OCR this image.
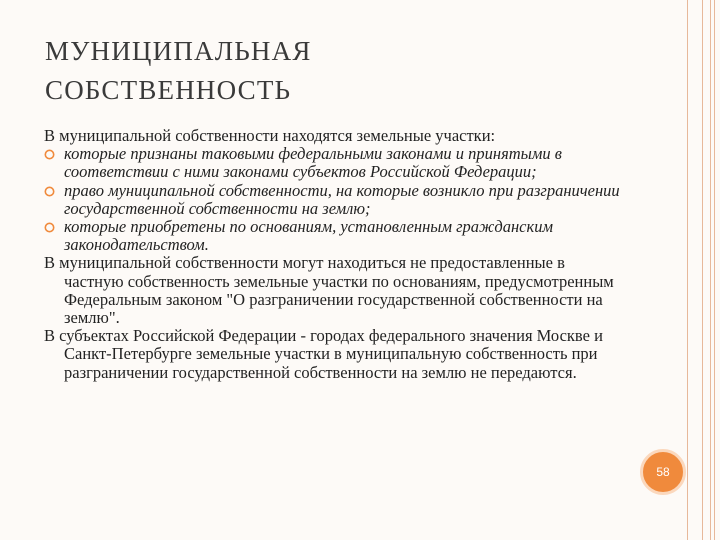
МУНИЦИПАЛЬНАЯ
СОБСТВЕННОСТЬ

В муниципальной собственности находятся земельные участки:

которые признаны таковыми федеральными законами и принятыми в соответствии с ними законами субъектов Российской Федерации;

право муниципальной собственности, на которые возникло при разграничении государственной собственности на землю;

которые приобретены по основаниям, установленным гражданским законодательством.

В муниципальной собственности могут находиться не предоставленные в частную собственность земельные участки по основаниям, предусмотренным Федеральным законом "О разграничении государственной собственности на землю".

В субъектах Российской Федерации - городах федерального значения Москве и Санкт-Петербурге земельные участки в муниципальную собственность при разграничении государственной собственности на землю не передаются.

58
